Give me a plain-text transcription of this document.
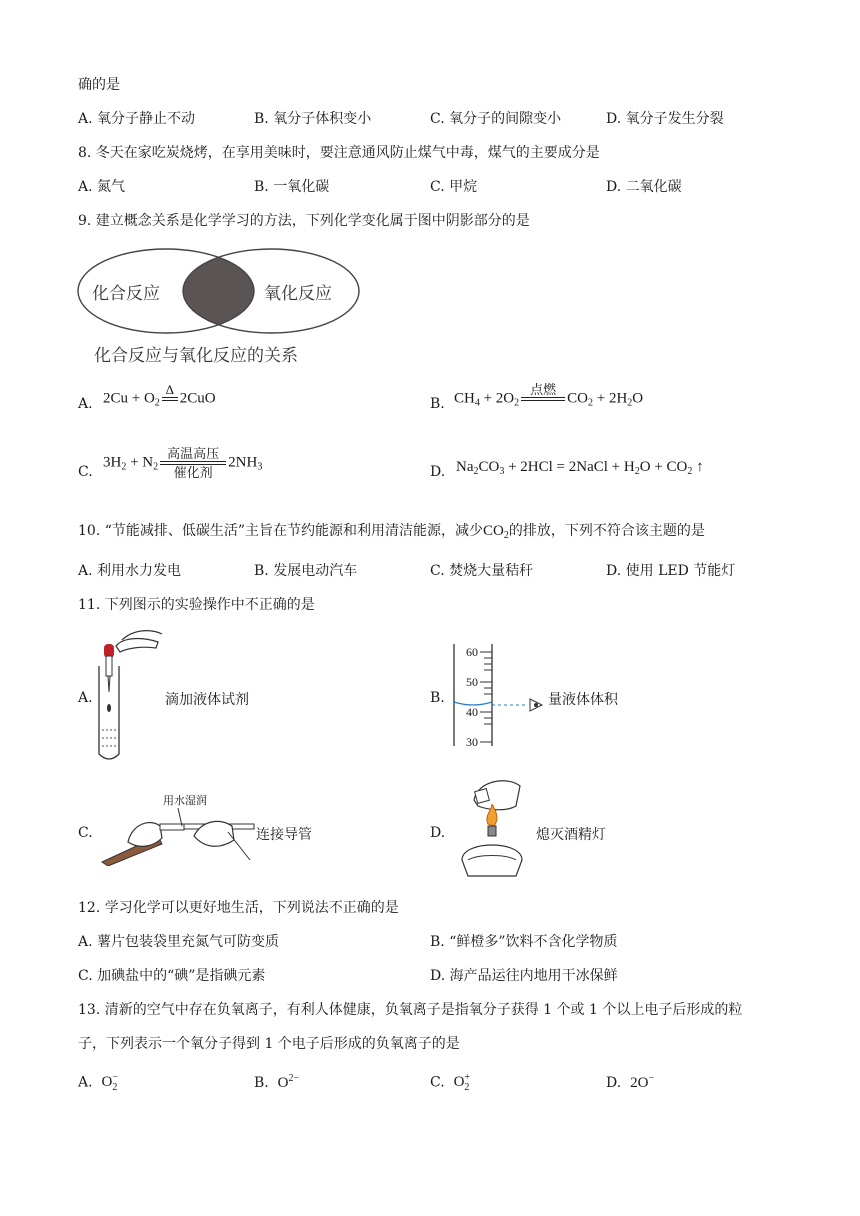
确的是
A. 氧分子静止不动	B. 氧分子体积变小	C. 氧分子的间隙变小	D. 氧分子发生分裂
8. 冬天在家吃炭烧烤，在享用美味时，要注意通风防止煤气中毒，煤气的主要成分是
A. 氮气	B. 一氧化碳	C. 甲烷	D. 二氧化碳
9. 建立概念关系是化学学习的方法，下列化学变化属于图中阴影部分的是
化合反应	氧化反应
化合反应与氧化反应的关系
A. $2Cu + O_2$
Δ
2CuO	B. $CH_4 + 2O_2$
点燃
$CO_2 + 2H_2O$
C.
$3H_2 + N_2$
高温高压
催化剂
$2NH_3$	D. $Na_2CO_3 + 2HCl$ = 2NaCl + $H_2O + CO_2$ ↑
10. “节能减排、低碳生活”主旨在节约能源和利用清洁能源，减少$CO_2$的排放，下列不符合该主题的是
A. 利用水力发电	B. 发展电动汽车	C. 焚烧大量秸秆	D. 使用 LED 节能灯
11. 下列图示的实验操作中不正确的是
A.	滴加液体试剂	B.
60
50
40
30
量液体体积
C.
用水湿润
连接导管	D.	熄灭酒精灯
12. 学习化学可以更好地生活，下列说法不正确的是
A. 薯片包装袋里充氮气可防变质	B. “鲜橙多”饮料不含化学物质
C. 加碘盐中的“碘”是指碘元素	D. 海产品运往内地用干冰保鲜
13. 清新的空气中存在负氧离子，有利人体健康，负氧离子是指氧分子获得 1 个或 1 个以上电子后形成的粒
子，下列表示一个氧分子得到 1 个电子后形成的负氧离子的是
A. O −
2	B. $O^{2-}$	C. O +
2	D. 2O−
